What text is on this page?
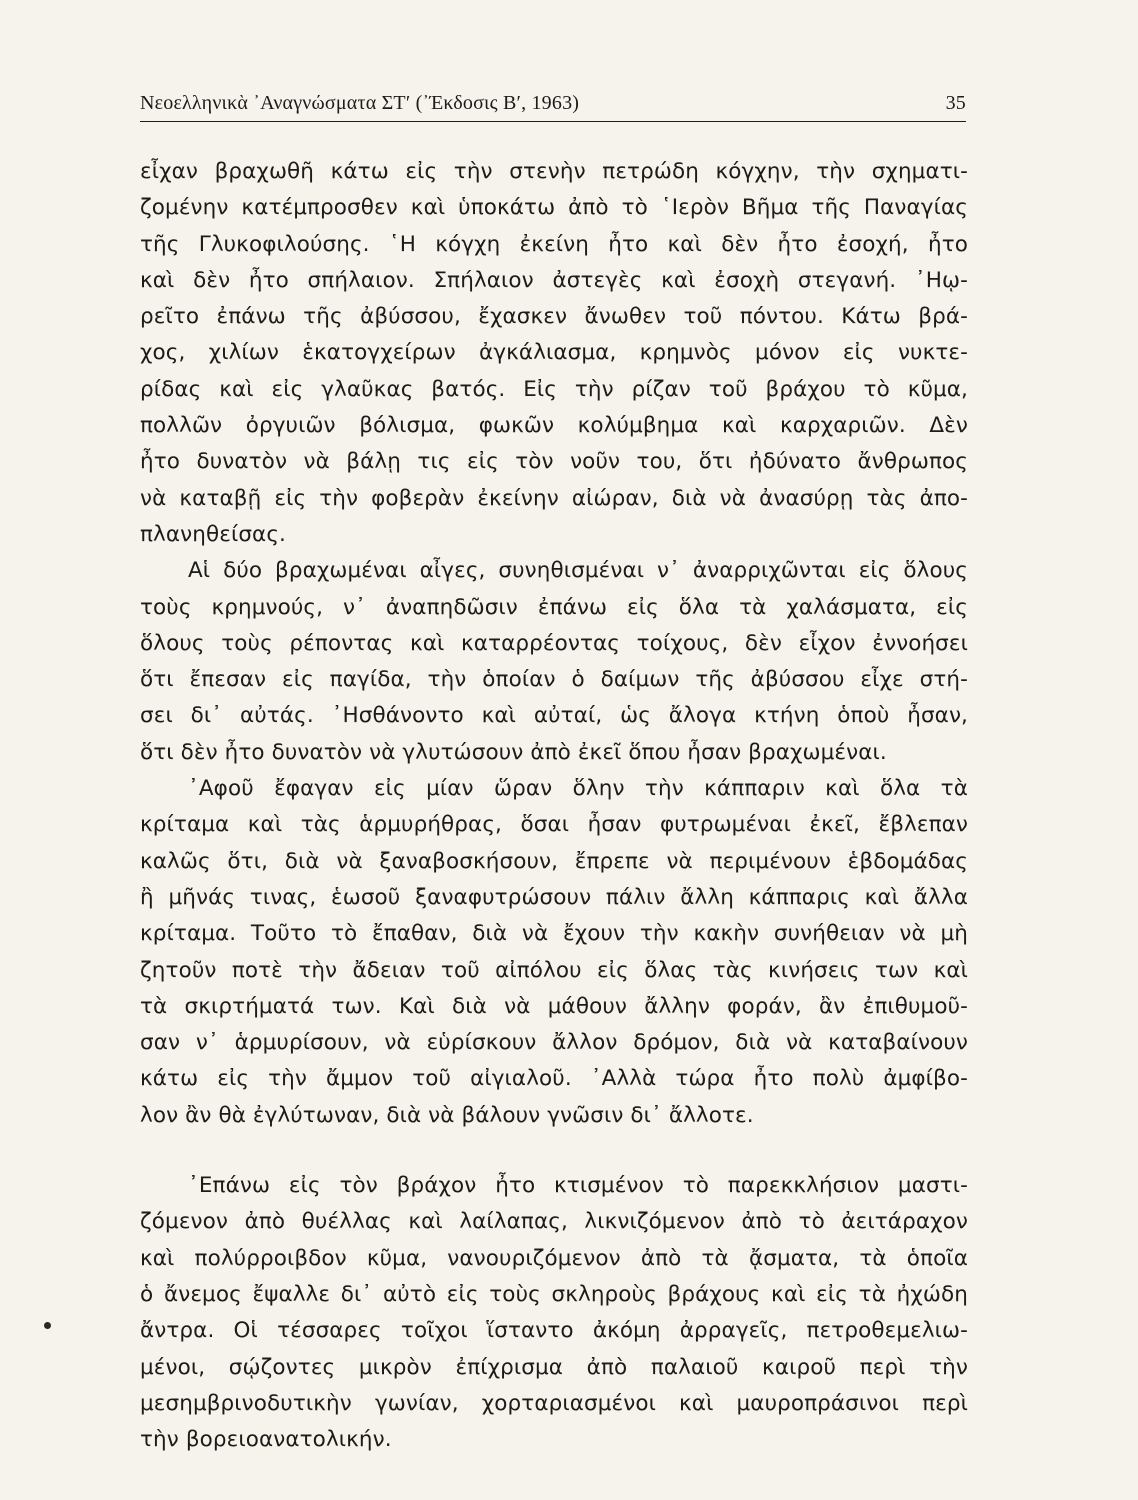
Νεοελληνικὰ ᾿Αναγνώσματα ΣΤ′ (᾿Έκδοσις Β′, 1963)	35
εἶχαν βραχωθῆ κάτω εἰς τὴν στενὴν πετρώδη κόγχην, τὴν σχηματι-
ζομένην κατέμπροσθεν καὶ ὑποκάτω ἀπὸ τὸ ῾Ιερὸν Βῆμα τῆς Παναγίας
τῆς Γλυκοφιλούσης. ῾Η κόγχη ἐκείνη ἦτο καὶ δὲν ἦτο ἐσοχή, ἦτο
καὶ δὲν ἦτο σπήλαιον. Σπήλαιον ἀστεγὲς καὶ ἐσοχὴ στεγανή. ᾿Ηῳ-
ρεῖτο ἐπάνω τῆς ἀβύσσου, ἔχασκεν ἄνωθεν τοῦ πόντου. Κάτω βρά-
χος, χιλίων ἑκατογχείρων ἀγκάλιασμα, κρημνὸς μόνον εἰς νυκτε-
ρίδας καὶ εἰς γλαῦκας βατός. Εἰς τὴν ρίζαν τοῦ βράχου τὸ κῦμα,
πολλῶν ὀργυιῶν βόλισμα, φωκῶν κολύμβημα καὶ καρχαριῶν. Δὲν
ἦτο δυνατὸν νὰ βάλῃ τις εἰς τὸν νοῦν του, ὅτι ἠδύνατο ἄνθρωπος
νὰ καταβῇ εἰς τὴν φοβερὰν ἐκείνην αἰώραν, διὰ νὰ ἀνασύρῃ τὰς ἀπο-
πλανηθείσας.
Αἱ δύο βραχωμέναι αἶγες, συνηθισμέναι ν᾿ ἀναρριχῶνται εἰς ὅλους
τοὺς κρημνούς, ν᾿ ἀναπηδῶσιν ἐπάνω εἰς ὅλα τὰ χαλάσματα, εἰς
ὅλους τοὺς ρέποντας καὶ καταρρέοντας τοίχους, δὲν εἶχον ἐννοήσει
ὅτι ἔπεσαν εἰς παγίδα, τὴν ὁποίαν ὁ δαίμων τῆς ἀβύσσου εἶχε στή-
σει δι᾿ αὐτάς. ᾿Ησθάνοντο καὶ αὐταί, ὡς ἄλογα κτήνη ὁποὺ ἦσαν,
ὅτι δὲν ἦτο δυνατὸν νὰ γλυτώσουν ἀπὸ ἐκεῖ ὅπου ἦσαν βραχωμέναι.
᾿Αφοῦ ἔφαγαν εἰς μίαν ὥραν ὅλην τὴν κάππαριν καὶ ὅλα τὰ
κρίταμα καὶ τὰς ἁρμυρήθρας, ὅσαι ἦσαν φυτρωμέναι ἐκεῖ, ἔβλεπαν
καλῶς ὅτι, διὰ νὰ ξαναβοσκήσουν, ἔπρεπε νὰ περιμένουν ἑβδομάδας
ἢ μῆνάς τινας, ἑωσοῦ ξαναφυτρώσουν πάλιν ἄλλη κάππαρις καὶ ἄλλα
κρίταμα. Τοῦτο τὸ ἔπαθαν, διὰ νὰ ἔχουν τὴν κακὴν συνήθειαν νὰ μὴ
ζητοῦν ποτὲ τὴν ἄδειαν τοῦ αἰπόλου εἰς ὅλας τὰς κινήσεις των καὶ
τὰ σκιρτήματά των. Καὶ διὰ νὰ μάθουν ἄλλην φοράν, ἂν ἐπιθυμοῦ-
σαν ν᾿ ἁρμυρίσουν, νὰ εὑρίσκουν ἄλλον δρόμον, διὰ νὰ καταβαίνουν
κάτω εἰς τὴν ἄμμον τοῦ αἰγιαλοῦ. ᾿Αλλὰ τώρα ἦτο πολὺ ἀμφίβο-
λον ἂν θὰ ἐγλύτωναν, διὰ νὰ βάλουν γνῶσιν δι᾿ ἄλλοτε.
᾿Επάνω εἰς τὸν βράχον ἦτο κτισμένον τὸ παρεκκλήσιον μαστι-
ζόμενον ἀπὸ θυέλλας καὶ λαίλαπας, λικνιζόμενον ἀπὸ τὸ ἀειτάραχον
καὶ πολύρροιβδον κῦμα, νανουριζόμενον ἀπὸ τὰ ᾄσματα, τὰ ὁποῖα
ὁ ἄνεμος ἔψαλλε δι᾿ αὐτὸ εἰς τοὺς σκληροὺς βράχους καὶ εἰς τὰ ἠχώδη
ἄντρα. Οἱ τέσσαρες τοῖχοι ἵσταντο ἀκόμη ἀρραγεῖς, πετροθεμελιω-
μένοι, σῴζοντες μικρὸν ἐπίχρισμα ἀπὸ παλαιοῦ καιροῦ περὶ τὴν
μεσημβρινοδυτικὴν γωνίαν, χορταριασμένοι καὶ μαυροπράσινοι περὶ
τὴν βορειοανατολικήν.
